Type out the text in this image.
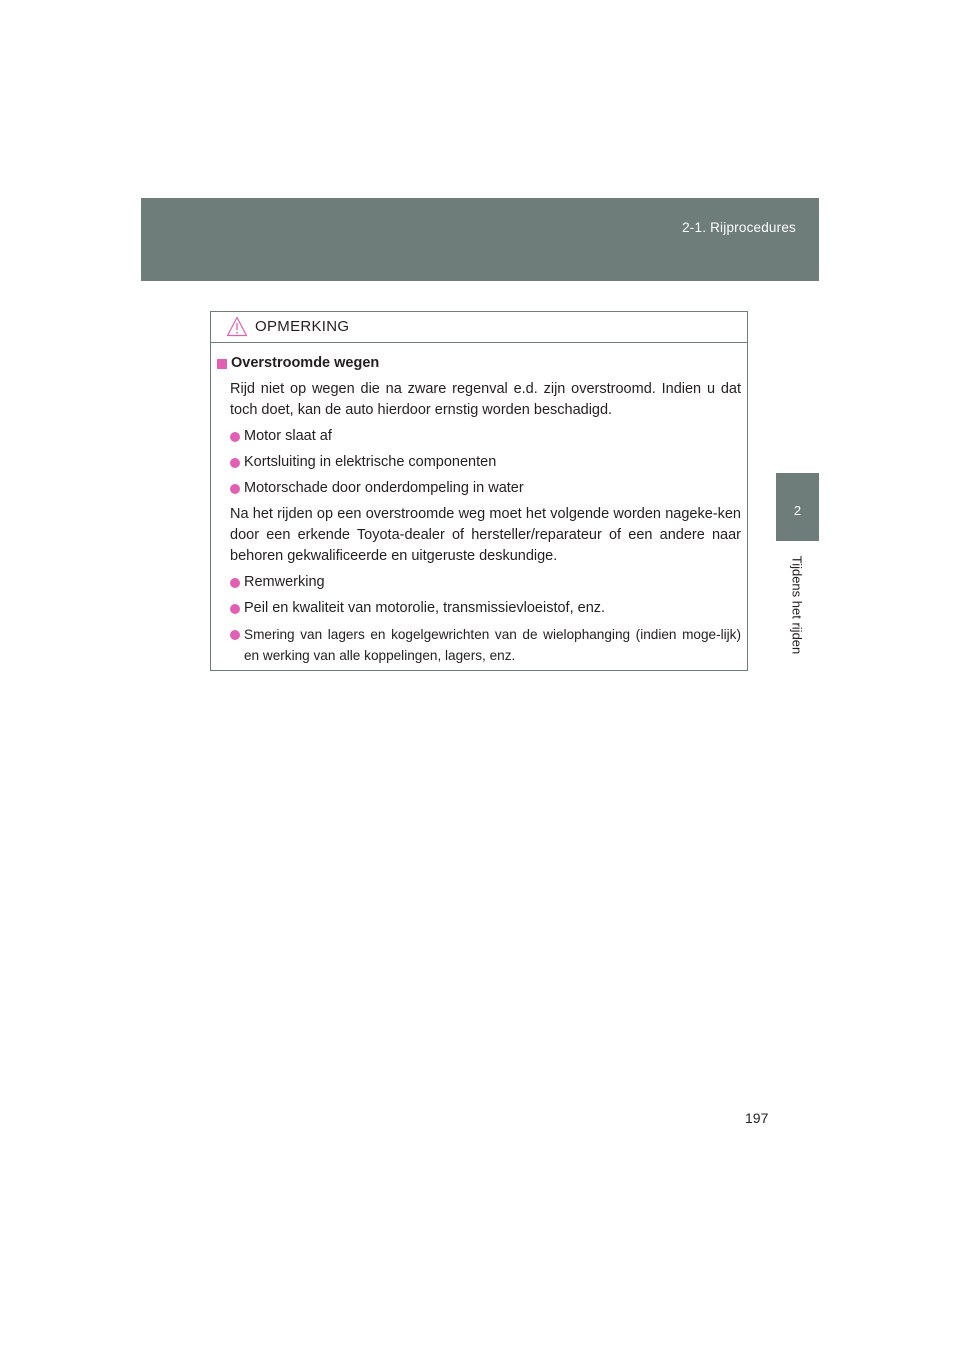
2-1. Rijprocedures
2
Tijdens het rijden
OPMERKING
Overstroomde wegen
Rijd niet op wegen die na zware regenval e.d. zijn overstroomd. Indien u dat toch doet, kan de auto hierdoor ernstig worden beschadigd.
Motor slaat af
Kortsluiting in elektrische componenten
Motorschade door onderdompeling in water
Na het rijden op een overstroomde weg moet het volgende worden nageke-ken door een erkende Toyota-dealer of hersteller/reparateur of een andere naar behoren gekwalificeerde en uitgeruste deskundige.
Remwerking
Peil en kwaliteit van motorolie, transmissievloeistof, enz.
Smering van lagers en kogelgewrichten van de wielophanging (indien moge-lijk) en werking van alle koppelingen, lagers, enz.
197
